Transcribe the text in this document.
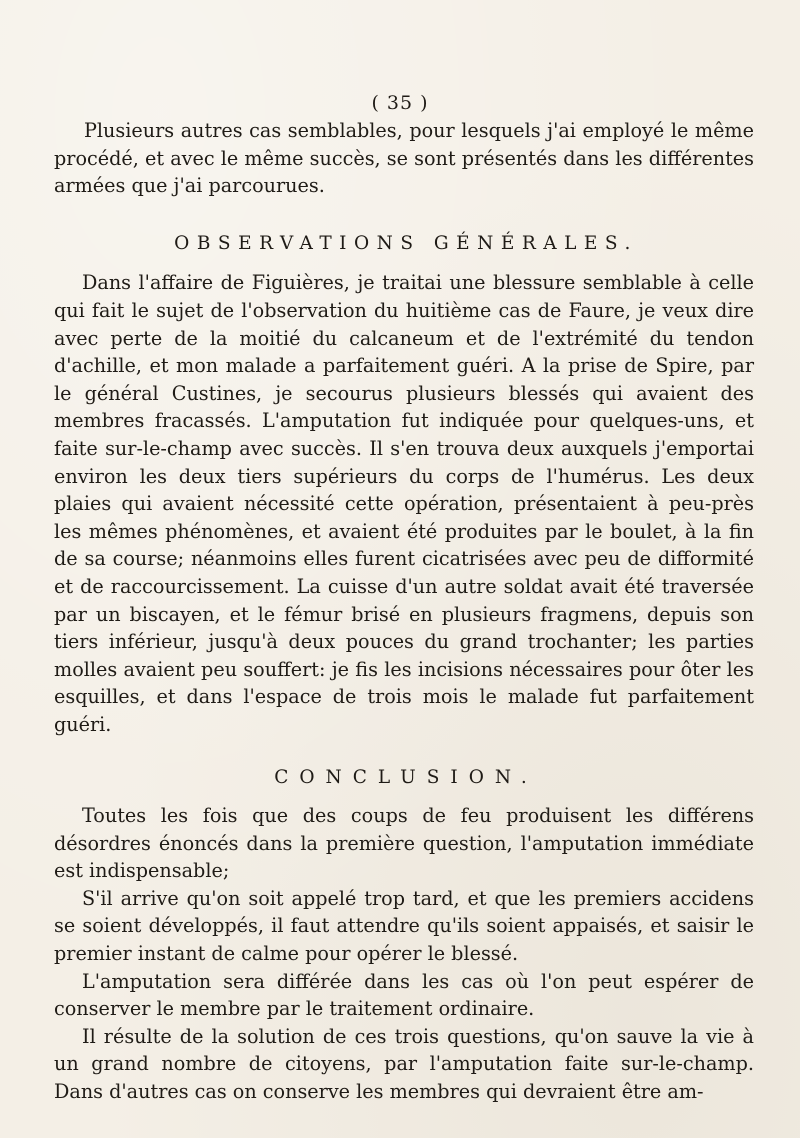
( 35 )

Plusieurs autres cas semblables, pour lesquels j'ai employé le même procédé, et avec le même succès, se sont présentés dans les différentes armées que j'ai parcourues.

OBSERVATIONS GÉNÉRALES.

Dans l'affaire de Figuières, je traitai une blessure semblable à celle qui fait le sujet de l'observation du huitième cas de Faure, je veux dire avec perte de la moitié du calcaneum et de l'extrémité du tendon d'achille, et mon malade a parfaitement guéri. A la prise de Spire, par le général Custines, je secourus plusieurs blessés qui avaient des membres fracassés. L'amputation fut indiquée pour quelques-uns, et faite sur-le-champ avec succès. Il s'en trouva deux auxquels j'emportai environ les deux tiers supérieurs du corps de l'humérus. Les deux plaies qui avaient nécessité cette opération, présentaient à peu-près les mêmes phénomènes, et avaient été produites par le boulet, à la fin de sa course; néanmoins elles furent cicatrisées avec peu de difformité et de raccourcissement. La cuisse d'un autre soldat avait été traversée par un biscayen, et le fémur brisé en plusieurs fragmens, depuis son tiers inférieur, jusqu'à deux pouces du grand trochanter; les parties molles avaient peu souffert: je fis les incisions nécessaires pour ôter les esquilles, et dans l'espace de trois mois le malade fut parfaitement guéri.

CONCLUSION.

Toutes les fois que des coups de feu produisent les différens désordres énoncés dans la première question, l'amputation immédiate est indispensable;

S'il arrive qu'on soit appelé trop tard, et que les premiers accidens se soient développés, il faut attendre qu'ils soient appaisés, et saisir le premier instant de calme pour opérer le blessé.

L'amputation sera différée dans les cas où l'on peut espérer de conserver le membre par le traitement ordinaire.

Il résulte de la solution de ces trois questions, qu'on sauve la vie à un grand nombre de citoyens, par l'amputation faite sur-le-champ. Dans d'autres cas on conserve les membres qui devraient être am-
